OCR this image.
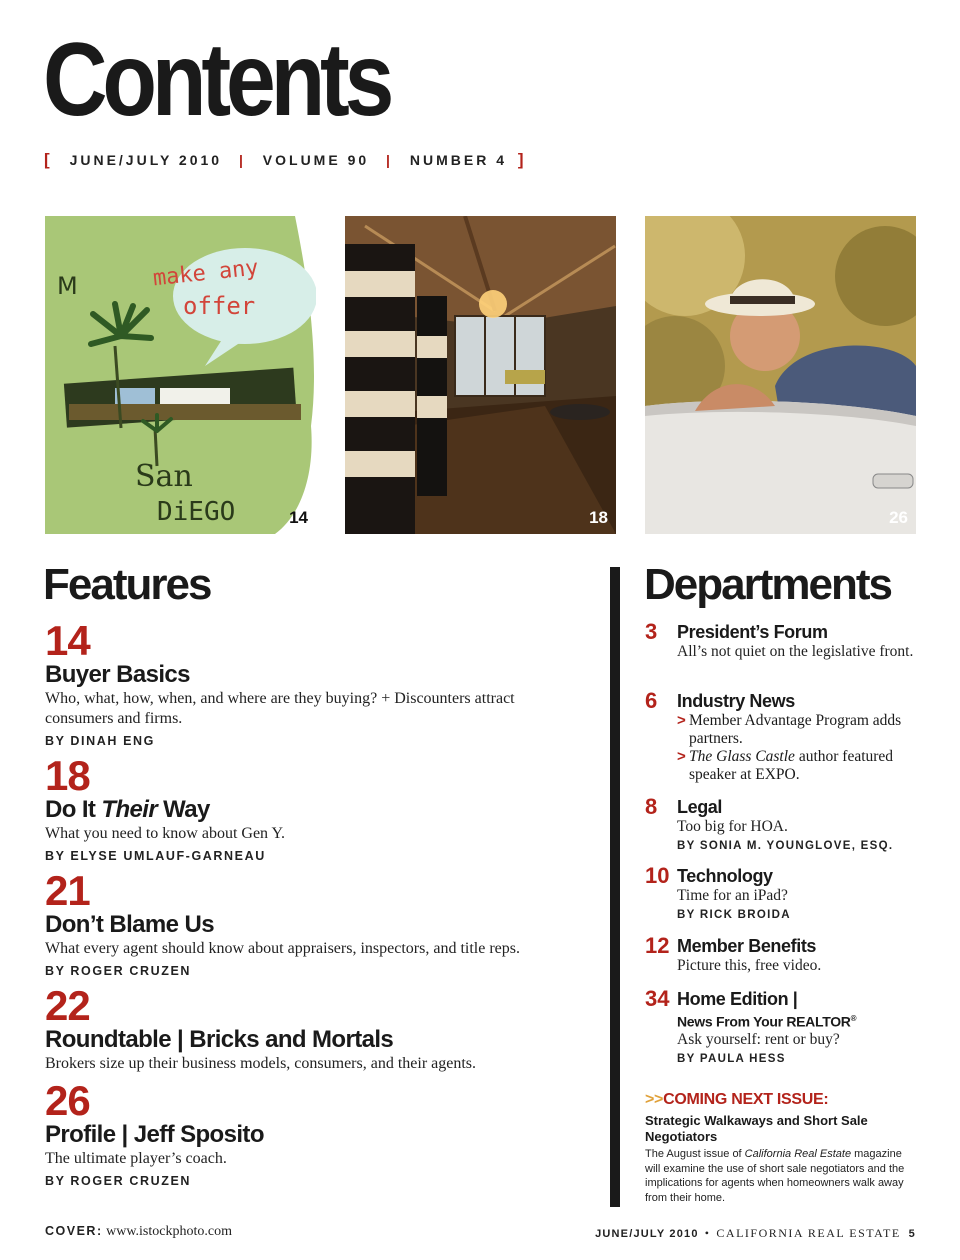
Contents
[ JUNE/JULY 2010 | VOLUME 90 | NUMBER 4 ]
make any
offer
M
San
DiEGO	14	18	26
Features
14
Buyer Basics
Who, what, how, when, and where are they buying? + Discounters attract consumers and firms.
BY DINAH ENG
18
Do It Their Way
What you need to know about Gen Y.
BY ELYSE UMLAUF-GARNEAU
21
Don’t Blame Us
What every agent should know about appraisers, inspectors, and title reps.
BY ROGER CRUZEN
22
Roundtable | Bricks and Mortals
Brokers size up their business models, consumers, and their agents.
26
Profile | Jeff Sposito
The ultimate player’s coach.
BY ROGER CRUZEN
Departments
3 President’s Forum
All’s not quiet on the legislative front.
6 Industry News
> Member Advantage Program adds partners.
> The Glass Castle author featured speaker at EXPO.
8 Legal
Too big for HOA.
BY SONIA M. YOUNGLOVE, ESQ.
10 Technology
Time for an iPad?
BY RICK BROIDA
12 Member Benefits
Picture this, free video.
34 Home Edition |
News From Your REALTOR®
Ask yourself: rent or buy?
BY PAULA HESS
>>COMING NEXT ISSUE:
Strategic Walkaways and Short Sale Negotiators
The August issue of California Real Estate magazine will examine the use of short sale negotiators and the implications for agents when homeowners walk away from their home.
COVER: www.istockphoto.com	JUNE/JULY 2010 • CALIFORNIA REAL ESTATE 5
